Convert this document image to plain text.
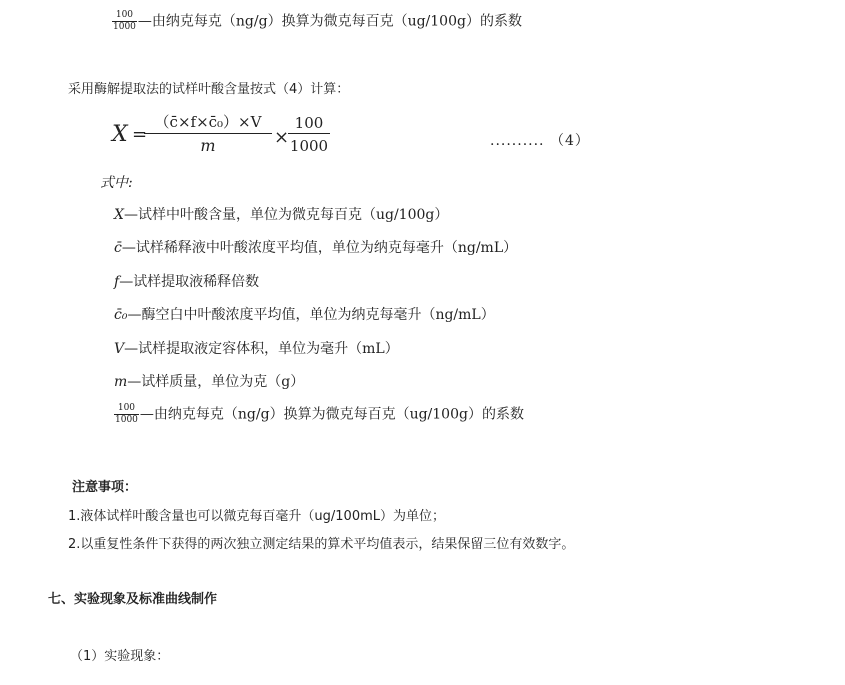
$\frac{100}{1000}$ —由纳克每克（ng/g）换算为微克每百克（ug/100g）的系数
采用酶解提取法的试样叶酸含量按式（4）计算：
X =
（c̄×f×c̄₀）×V
m	×
100
1000	.......... （4）
式中:
X—试样中叶酸含量，单位为微克每百克（ug/100g）
c̄—试样稀释液中叶酸浓度平均值，单位为纳克每毫升（ng/mL）
f—试样提取液稀释倍数
c̄₀—酶空白中叶酸浓度平均值，单位为纳克每毫升（ng/mL）
V—试样提取液定容体积，单位为毫升（mL）
m—试样质量，单位为克（g）
$\frac{100}{1000}$ —由纳克每克（ng/g）换算为微克每百克（ug/100g）的系数
注意事项：
1.液体试样叶酸含量也可以微克每百毫升（ug/100mL）为单位；
2.以重复性条件下获得的两次独立测定结果的算术平均值表示，结果保留三位有效数字。
七、实验现象及标准曲线制作
（1）实验现象：
